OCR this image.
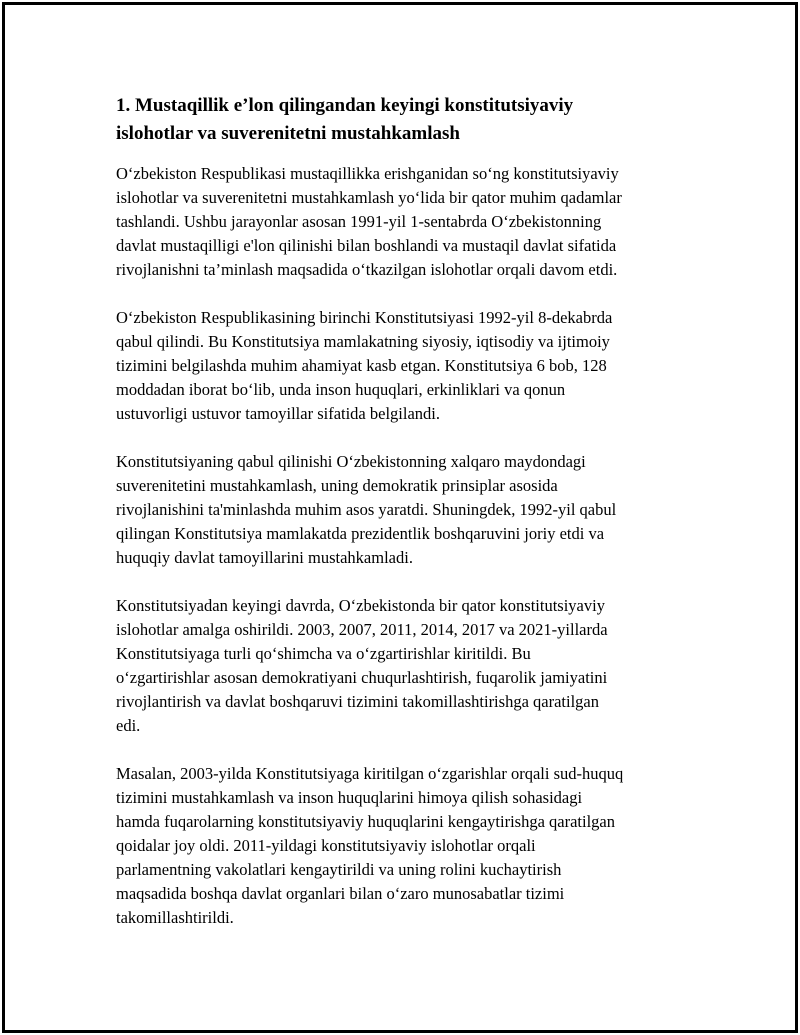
1. Mustaqillik e’lon qilingandan keyingi konstitutsiyaviy
islohotlar va suverenitetni mustahkamlash
O‘zbekiston Respublikasi mustaqillikka erishganidan so‘ng konstitutsiyaviy
islohotlar va suverenitetni mustahkamlash yo‘lida bir qator muhim qadamlar
tashlandi. Ushbu jarayonlar asosan 1991-yil 1-sentabrda O‘zbekistonning
davlat mustaqilligi e'lon qilinishi bilan boshlandi va mustaqil davlat sifatida
rivojlanishni ta’minlash maqsadida o‘tkazilgan islohotlar orqali davom etdi.
O‘zbekiston Respublikasining birinchi Konstitutsiyasi 1992-yil 8-dekabrda
qabul qilindi. Bu Konstitutsiya mamlakatning siyosiy, iqtisodiy va ijtimoiy
tizimini belgilashda muhim ahamiyat kasb etgan. Konstitutsiya 6 bob, 128
moddadan iborat bo‘lib, unda inson huquqlari, erkinliklari va qonun
ustuvorligi ustuvor tamoyillar sifatida belgilandi.
Konstitutsiyaning qabul qilinishi O‘zbekistonning xalqaro maydondagi
suverenitetini mustahkamlash, uning demokratik prinsiplar asosida
rivojlanishini ta'minlashda muhim asos yaratdi. Shuningdek, 1992-yil qabul
qilingan Konstitutsiya mamlakatda prezidentlik boshqaruvini joriy etdi va
huquqiy davlat tamoyillarini mustahkamladi.
Konstitutsiyadan keyingi davrda, O‘zbekistonda bir qator konstitutsiyaviy
islohotlar amalga oshirildi. 2003, 2007, 2011, 2014, 2017 va 2021-yillarda
Konstitutsiyaga turli qo‘shimcha va o‘zgartirishlar kiritildi. Bu
o‘zgartirishlar asosan demokratiyani chuqurlashtirish, fuqarolik jamiyatini
rivojlantirish va davlat boshqaruvi tizimini takomillashtirishga qaratilgan
edi.
Masalan, 2003-yilda Konstitutsiyaga kiritilgan o‘zgarishlar orqali sud-huquq
tizimini mustahkamlash va inson huquqlarini himoya qilish sohasidagi
hamda fuqarolarning konstitutsiyaviy huquqlarini kengaytirishga qaratilgan
qoidalar joy oldi. 2011-yildagi konstitutsiyaviy islohotlar orqali
parlamentning vakolatlari kengaytirildi va uning rolini kuchaytirish
maqsadida boshqa davlat organlari bilan o‘zaro munosabatlar tizimi
takomillashtirildi.
